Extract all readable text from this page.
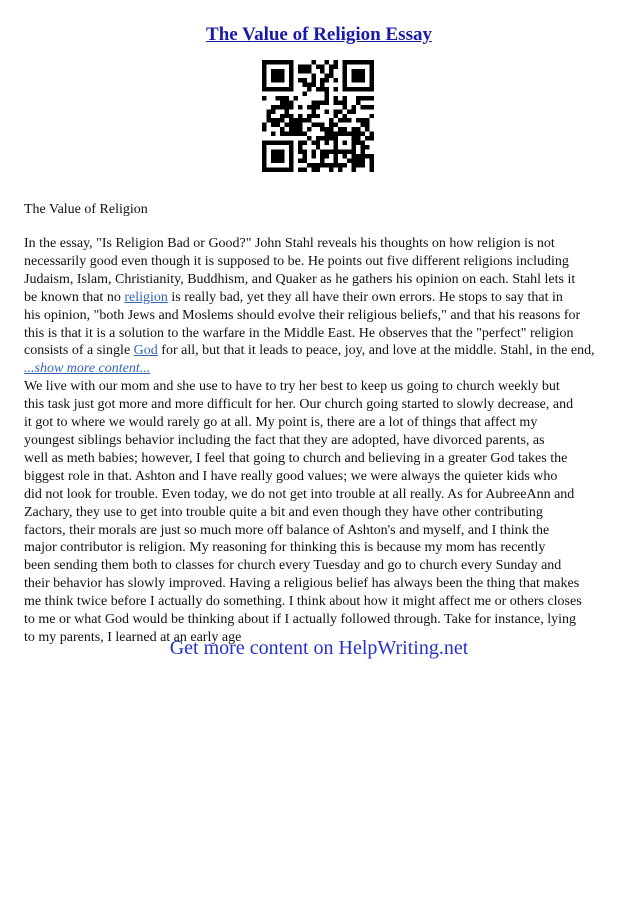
The Value of Religion Essay

The Value of Religion

In the essay, "Is Religion Bad or Good?" John Stahl reveals his thoughts on how religion is not
necessarily good even though it is supposed to be. He points out five different religions including
Judaism, Islam, Christianity, Buddhism, and Quaker as he gathers his opinion on each. Stahl lets it
be known that no religion is really bad, yet they all have their own errors. He stops to say that in
his opinion, "both Jews and Moslems should evolve their religious beliefs," and that his reasons for
this is that it is a solution to the warfare in the Middle East. He observes that the "perfect" religion
consists of a single God for all, but that it leads to peace, joy, and love at the middle. Stahl, in the end,
...show more content...
We live with our mom and she use to have to try her best to keep us going to church weekly but
this task just got more and more difficult for her. Our church going started to slowly decrease, and
it got to where we would rarely go at all. My point is, there are a lot of things that affect my
youngest siblings behavior including the fact that they are adopted, have divorced parents, as
well as meth babies; however, I feel that going to church and believing in a greater God takes the
biggest role in that. Ashton and I have really good values; we were always the quieter kids who
did not look for trouble. Even today, we do not get into trouble at all really. As for AubreeAnn and
Zachary, they use to get into trouble quite a bit and even though they have other contributing
factors, their morals are just so much more off balance of Ashton's and myself, and I think the
major contributor is religion. My reasoning for thinking this is because my mom has recently
been sending them both to classes for church every Tuesday and go to church every Sunday and
their behavior has slowly improved. Having a religious belief has always been the thing that makes
me think twice before I actually do something. I think about how it might affect me or others closes
to me or what God would be thinking about if I actually followed through. Take for instance, lying
to my parents, I learned at an early age

Get more content on HelpWriting.net
